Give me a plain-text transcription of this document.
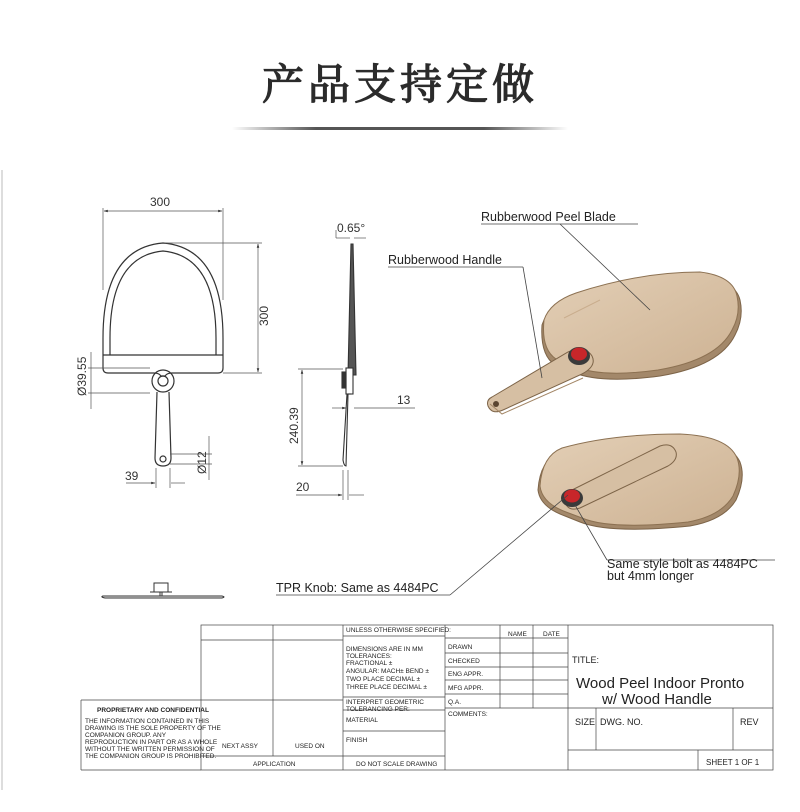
产品支持定做
300
300
Ø39.55
Ø12
39
0.65°
13
240.39
20
Rubberwood Peel Blade
Rubberwood Handle
Same style bolt as 4484PC
but 4mm longer
TPR Knob: Same as 4484PC
UNLESS OTHERWISE SPECIFIED:
NAME DATE
DIMENSIONS ARE IN MM
TOLERANCES:
FRACTIONAL ±
ANGULAR: MACH± BEND ±
TWO PLACE DECIMAL ±
THREE PLACE DECIMAL ±
INTERPRET GEOMETRIC
TOLERANCING PER:
MATERIAL
FINISH
DO NOT SCALE DRAWING
DRAWN
CHECKED
ENG APPR.
MFG APPR.
Q.A.
COMMENTS:
TITLE:
Wood Peel Indoor Pronto
w/ Wood Handle
SIZE DWG. NO.	REV
SHEET 1 OF 1
NEXT ASSY	USED ON
APPLICATION
PROPRIETARY AND CONFIDENTIAL
THE INFORMATION CONTAINED IN THIS
DRAWING IS THE SOLE PROPERTY OF THE
COMPANION GROUP. ANY
REPRODUCTION IN PART OR AS A WHOLE
WITHOUT THE WRITTEN PERMISSION OF
THE COMPANION GROUP IS PROHIBITED.
